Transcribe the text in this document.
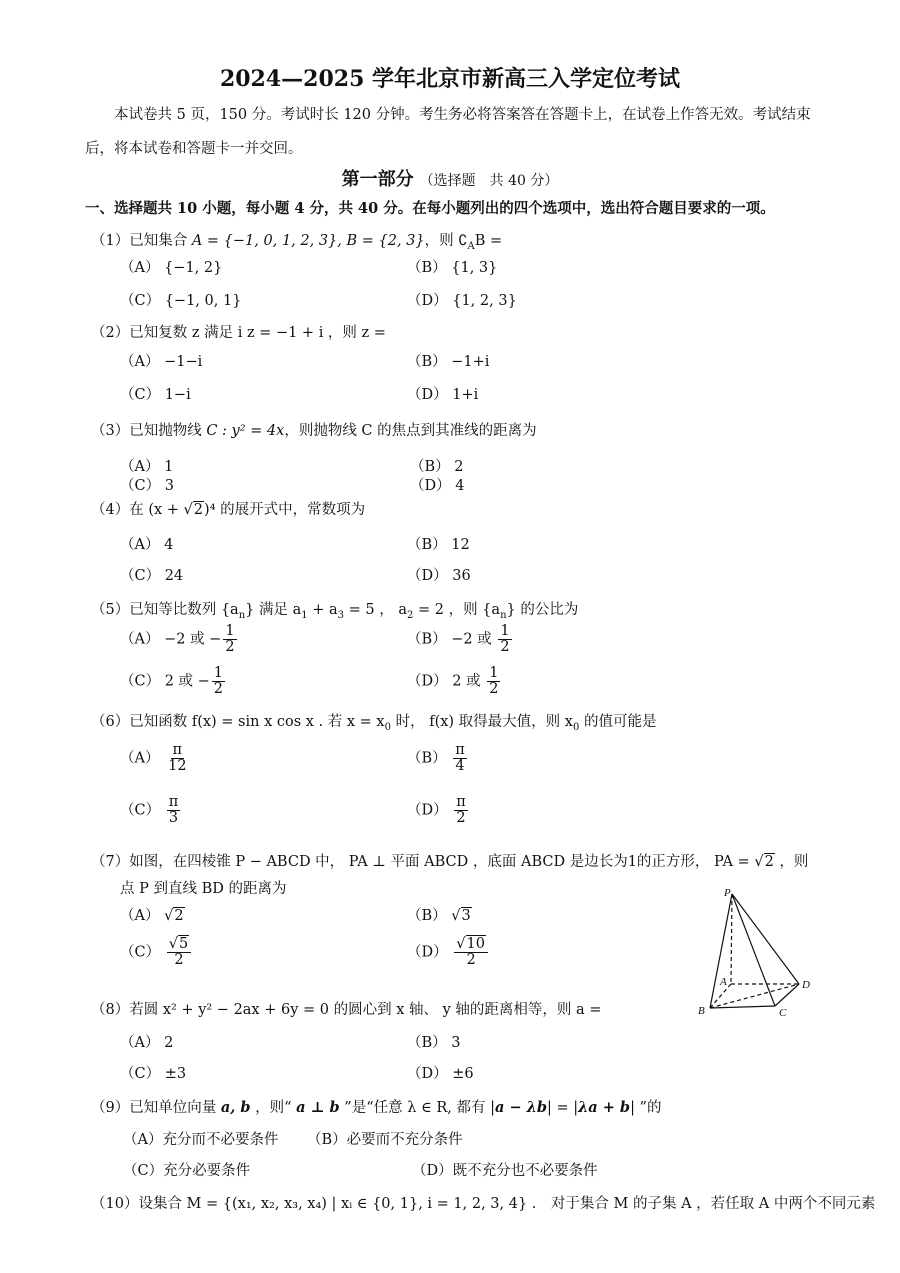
2024—2025 学年北京市新高三入学定位考试
本试卷共 5 页，150 分。考试时长 120 分钟。考生务必将答案答在答题卡上，在试卷上作答无效。考试结束后，将本试卷和答题卡一并交回。
第一部分 （选择题　共 40 分）
一、选择题共 10 小题，每小题 4 分，共 40 分。在每小题列出的四个选项中，选出符合题目要求的一项。
（1）已知集合 A = {−1, 0, 1, 2, 3}, B = {2, 3}，则 $∁_AB$ =
（A） {−1, 2}	（B） {1, 3}
（C） {−1, 0, 1}	（D） {1, 2, 3}
（2）已知复数 z 满足 i z = −1 + i ，则 z =
（A） −1−i	（B） −1+i
（C） 1−i	（D） 1+i
（3）已知抛物线 C : y² = 4x，则抛物线 C 的焦点到其准线的距离为
（A） 1	（B） 2
（C） 3	（D） 4
（4）在 (x + √2)⁴ 的展开式中，常数项为
（A） 4	（B） 12
（C） 24	（D） 36
（5）已知等比数列 $\{a_n\}$ 满足 $a_1 + a_3 = 5$ ， $a_2 = 2$ ，则 $\{a_n\}$ 的公比为
（A） −2 或 − $\frac{1}{2}$	（B） −2 或 $\frac{1}{2}$
（C） 2 或 − $\frac{1}{2}$	（D） 2 或 $\frac{1}{2}$
（6）已知函数 f(x) = sin x cos x . 若 $x = x_0$ 时， f(x) 取得最大值，则 $x_0$ 的值可能是
$(A) \frac{\pi}{12}$	$(B) \frac{\pi}{4}$
$(C) \frac{\pi}{3}$	$(D) \frac{\pi}{2}$
（7）如图，在四棱锥 P − ABCD 中， PA ⊥ 平面 ABCD ，底面 ABCD 是边长为1的正方形， PA = √2 ，则
点 P 到直线 BD 的距离为
（A） √2	（B） √3
$(C) \frac{√5}{2}$	$(D) \frac{√10}{2}$
P
A
B	C
D
（8）若圆 x² + y² − 2ax + 6y = 0 的圆心到 x 轴、 y 轴的距离相等，则 a =
（A） 2	（B） 3
（C） ±3	（D） ±6
（9）已知单位向量 a, b ，则“ a ⊥ b ”是“任意 λ ∈ R, 都有 |a − λb| = |λa + b| ”的
（A）充分而不必要条件 （B）必要而不充分条件
（C）充分必要条件	（D）既不充分也不必要条件
（10）设集合 M = {(x₁, x₂, x₃, x₄) | xᵢ ∈ {0, 1}, i = 1, 2, 3, 4} .　对于集合 M 的子集 A ，若任取 A 中两个不同元素
